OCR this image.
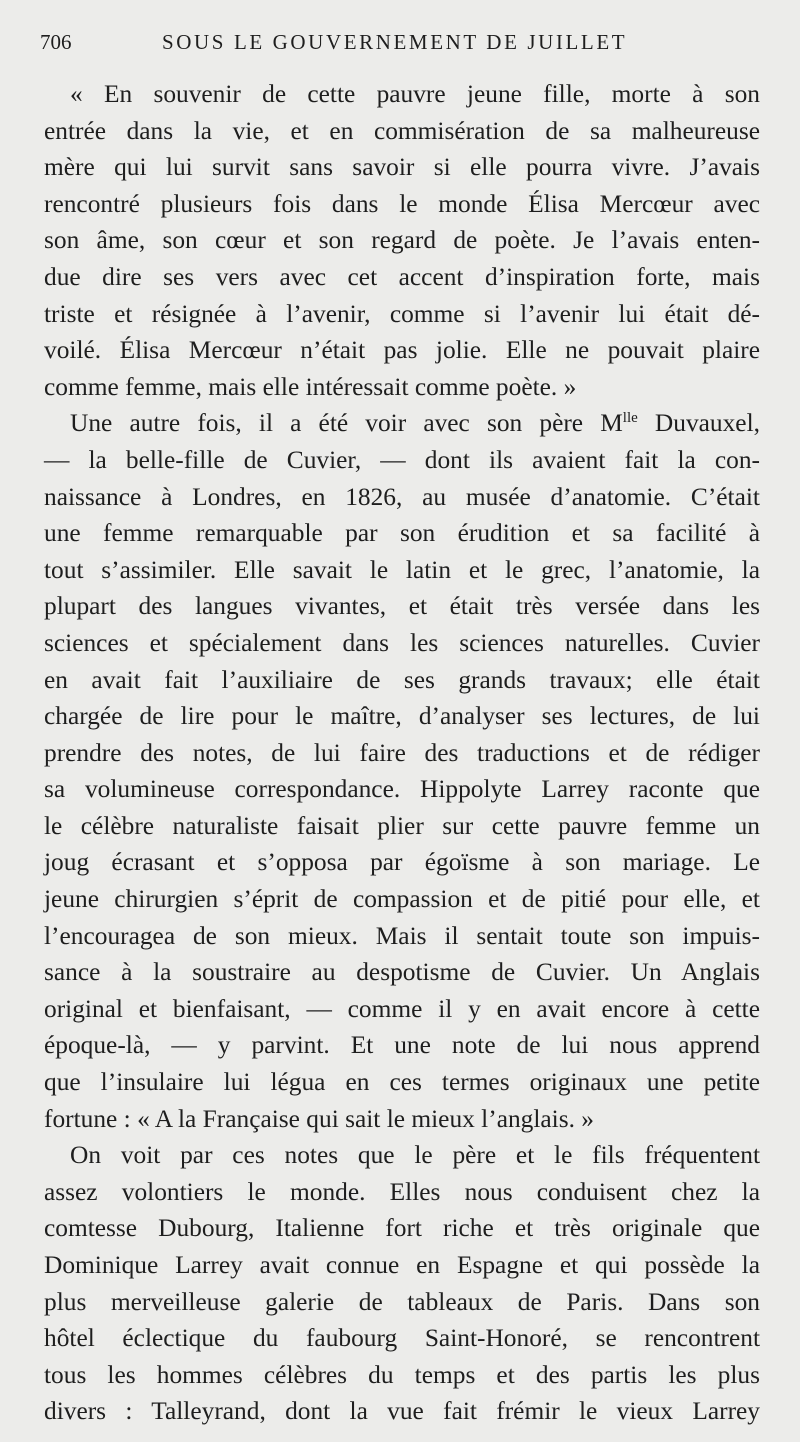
706	SOUS LE GOUVERNEMENT DE JUILLET
« En souvenir de cette pauvre jeune fille, morte à son
entrée dans la vie, et en commisération de sa malheureuse
mère qui lui survit sans savoir si elle pourra vivre. J’avais
rencontré plusieurs fois dans le monde Élisa Mercœur avec
son âme, son cœur et son regard de poète. Je l’avais enten-
due dire ses vers avec cet accent d’inspiration forte, mais
triste et résignée à l’avenir, comme si l’avenir lui était dé-
voilé. Élisa Mercœur n’était pas jolie. Elle ne pouvait plaire
comme femme, mais elle intéressait comme poète. »
Une autre fois, il a été voir avec son père $M^{lle}$ Duvauxel,
— la belle-fille de Cuvier, — dont ils avaient fait la con-
naissance à Londres, en 1826, au musée d’anatomie. C’était
une femme remarquable par son érudition et sa facilité à
tout s’assimiler. Elle savait le latin et le grec, l’anatomie, la
plupart des langues vivantes, et était très versée dans les
sciences et spécialement dans les sciences naturelles. Cuvier
en avait fait l’auxiliaire de ses grands travaux; elle était
chargée de lire pour le maître, d’analyser ses lectures, de lui
prendre des notes, de lui faire des traductions et de rédiger
sa volumineuse correspondance. Hippolyte Larrey raconte que
le célèbre naturaliste faisait plier sur cette pauvre femme un
joug écrasant et s’opposa par égoïsme à son mariage. Le
jeune chirurgien s’éprit de compassion et de pitié pour elle, et
l’encouragea de son mieux. Mais il sentait toute son impuis-
sance à la soustraire au despotisme de Cuvier. Un Anglais
original et bienfaisant, — comme il y en avait encore à cette
époque-là, — y parvint. Et une note de lui nous apprend
que l’insulaire lui légua en ces termes originaux une petite
fortune : « A la Française qui sait le mieux l’anglais. »
On voit par ces notes que le père et le fils fréquentent
assez volontiers le monde. Elles nous conduisent chez la
comtesse Dubourg, Italienne fort riche et très originale que
Dominique Larrey avait connue en Espagne et qui possède la
plus merveilleuse galerie de tableaux de Paris. Dans son
hôtel éclectique du faubourg Saint-Honoré, se rencontrent
tous les hommes célèbres du temps et des partis les plus
divers : Talleyrand, dont la vue fait frémir le vieux Larrey
